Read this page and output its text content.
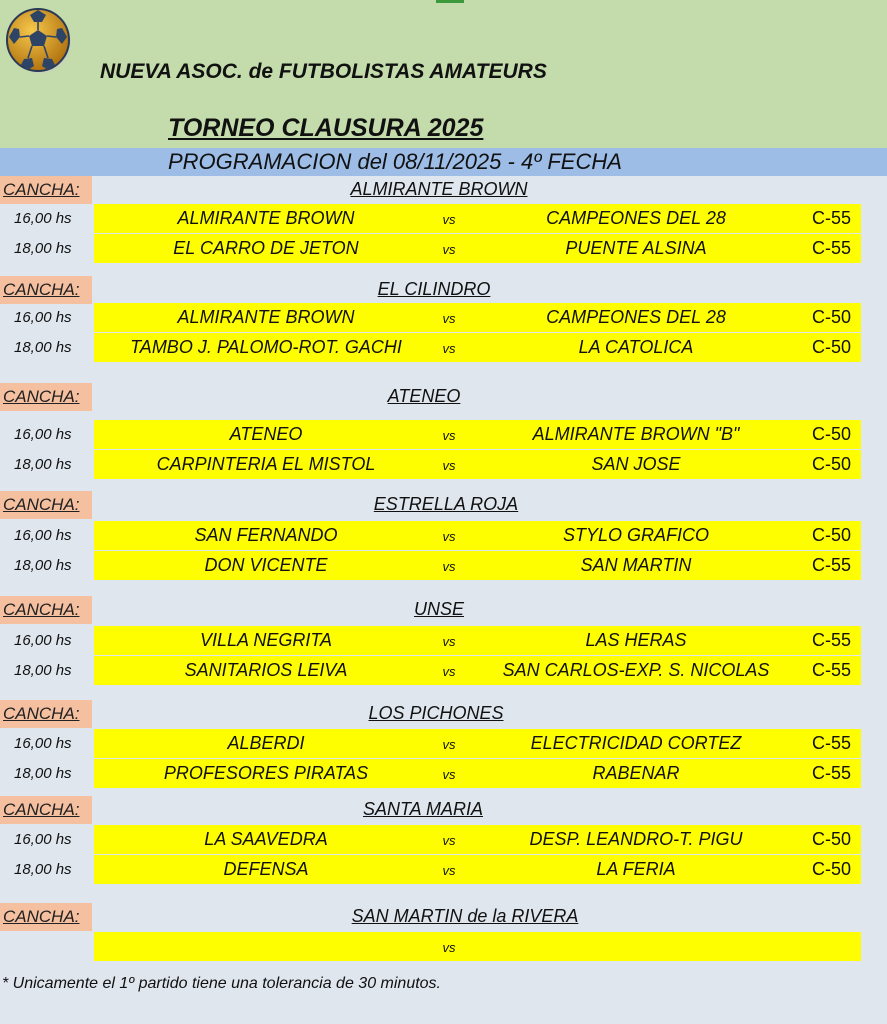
NUEVA ASOC. de FUTBOLISTAS AMATEURS
TORNEO CLAUSURA 2025
PROGRAMACION del 08/11/2025 - 4º FECHA
CANCHA:	ALMIRANTE BROWN
16,00 hs	ALMIRANTE BROWN	vs	CAMPEONES DEL 28	C-55
18,00 hs	EL CARRO DE JETON	vs	PUENTE ALSINA	C-55
CANCHA:	EL CILINDRO
16,00 hs	ALMIRANTE BROWN	vs	CAMPEONES DEL 28	C-50
18,00 hs	TAMBO J. PALOMO-ROT. GACHI	vs	LA CATOLICA	C-50
CANCHA:	ATENEO
16,00 hs	ATENEO	vs	ALMIRANTE BROWN "B"	C-50
18,00 hs	CARPINTERIA EL MISTOL	vs	SAN JOSE	C-50
CANCHA:	ESTRELLA ROJA
16,00 hs	SAN FERNANDO	vs	STYLO GRAFICO	C-50
18,00 hs	DON VICENTE	vs	SAN MARTIN	C-55
CANCHA:	UNSE
16,00 hs	VILLA NEGRITA	vs	LAS HERAS	C-55
18,00 hs	SANITARIOS LEIVA	vs	SAN CARLOS-EXP. S. NICOLAS C-55
CANCHA:	LOS PICHONES
16,00 hs	ALBERDI	vs	ELECTRICIDAD CORTEZ	C-55
18,00 hs	PROFESORES PIRATAS	vs	RABENAR	C-55
CANCHA:	SANTA MARIA
16,00 hs	LA SAAVEDRA	vs	DESP. LEANDRO-T. PIGU	C-50
18,00 hs	DEFENSA	vs	LA FERIA	C-50
CANCHA:	SAN MARTIN de la RIVERA
vs
* Unicamente el 1º partido tiene una tolerancia de 30 minutos.
